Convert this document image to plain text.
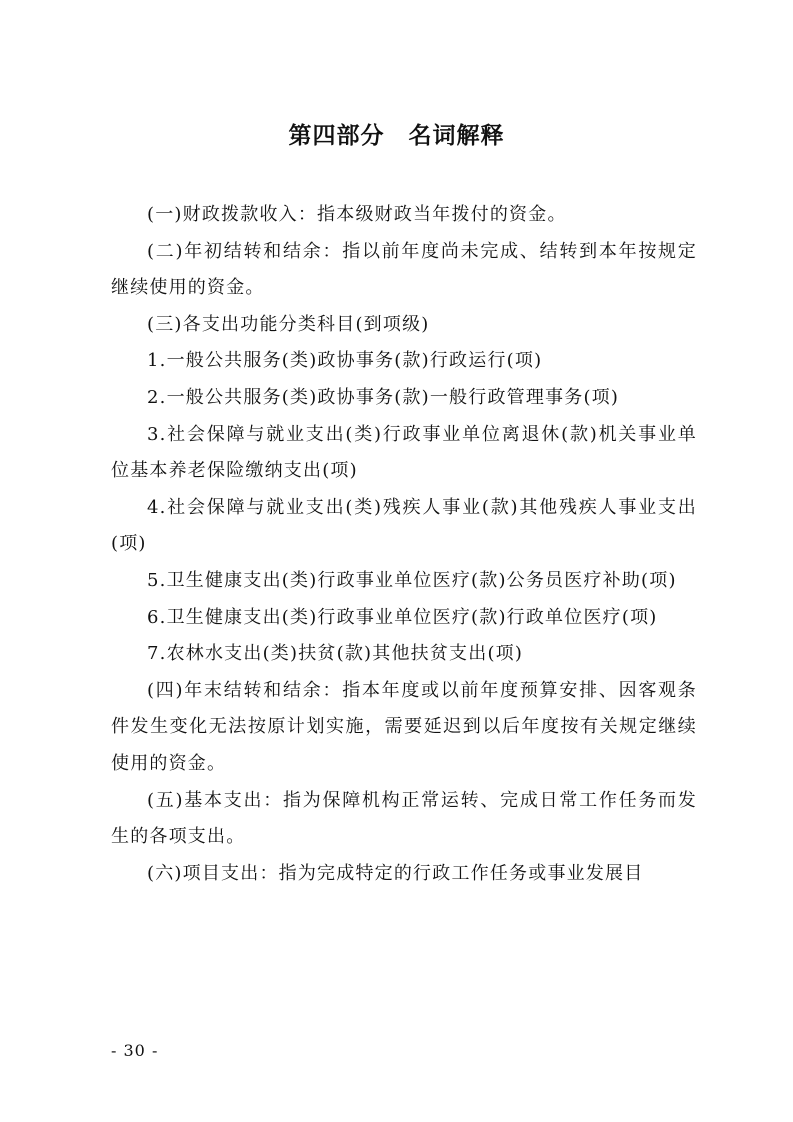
第四部分　名词解释

(一)财政拨款收入：指本级财政当年拨付的资金。

(二)年初结转和结余：指以前年度尚未完成、结转到本年按规定继续使用的资金。

(三)各支出功能分类科目(到项级)

1.一般公共服务(类)政协事务(款)行政运行(项)

2.一般公共服务(类)政协事务(款)一般行政管理事务(项)

3.社会保障与就业支出(类)行政事业单位离退休(款)机关事业单位基本养老保险缴纳支出(项)

4.社会保障与就业支出(类)残疾人事业(款)其他残疾人事业支出(项)

5.卫生健康支出(类)行政事业单位医疗(款)公务员医疗补助(项)

6.卫生健康支出(类)行政事业单位医疗(款)行政单位医疗(项)

7.农林水支出(类)扶贫(款)其他扶贫支出(项)

(四)年末结转和结余：指本年度或以前年度预算安排、因客观条件发生变化无法按原计划实施，需要延迟到以后年度按有关规定继续使用的资金。

(五)基本支出：指为保障机构正常运转、完成日常工作任务而发生的各项支出。

(六)项目支出：指为完成特定的行政工作任务或事业发展目

- 30 -
